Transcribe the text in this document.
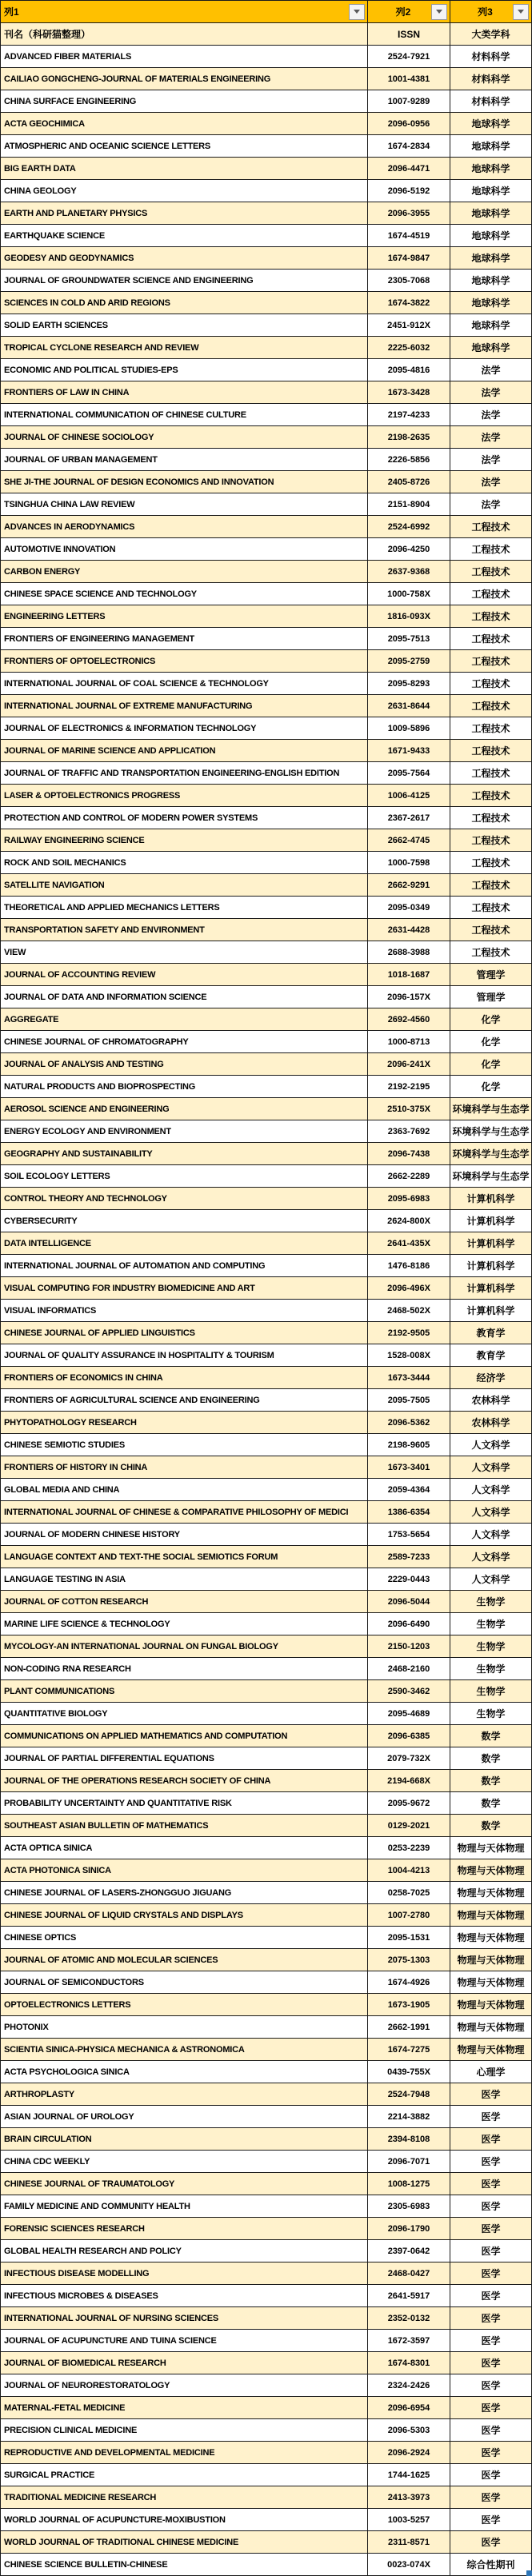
列1	列2	列3
刊名（科研猫整理）	ISSN	大类学科
ADVANCED FIBER MATERIALS	2524-7921	材料科学
CAILIAO GONGCHENG-JOURNAL OF MATERIALS ENGINEERING	1001-4381	材料科学
CHINA SURFACE ENGINEERING	1007-9289	材料科学
ACTA GEOCHIMICA	2096-0956	地球科学
ATMOSPHERIC AND OCEANIC SCIENCE LETTERS	1674-2834	地球科学
BIG EARTH DATA	2096-4471	地球科学
CHINA GEOLOGY	2096-5192	地球科学
EARTH AND PLANETARY PHYSICS	2096-3955	地球科学
EARTHQUAKE SCIENCE	1674-4519	地球科学
GEODESY AND GEODYNAMICS	1674-9847	地球科学
JOURNAL OF GROUNDWATER SCIENCE AND ENGINEERING	2305-7068	地球科学
SCIENCES IN COLD AND ARID REGIONS	1674-3822	地球科学
SOLID EARTH SCIENCES	2451-912X	地球科学
TROPICAL CYCLONE RESEARCH AND REVIEW	2225-6032	地球科学
ECONOMIC AND POLITICAL STUDIES-EPS	2095-4816	法学
FRONTIERS OF LAW IN CHINA	1673-3428	法学
INTERNATIONAL COMMUNICATION OF CHINESE CULTURE	2197-4233	法学
JOURNAL OF CHINESE SOCIOLOGY	2198-2635	法学
JOURNAL OF URBAN MANAGEMENT	2226-5856	法学
SHE JI-THE JOURNAL OF DESIGN ECONOMICS AND INNOVATION	2405-8726	法学
TSINGHUA CHINA LAW REVIEW	2151-8904	法学
ADVANCES IN AERODYNAMICS	2524-6992	工程技术
AUTOMOTIVE INNOVATION	2096-4250	工程技术
CARBON ENERGY	2637-9368	工程技术
CHINESE SPACE SCIENCE AND TECHNOLOGY	1000-758X	工程技术
ENGINEERING LETTERS	1816-093X	工程技术
FRONTIERS OF ENGINEERING MANAGEMENT	2095-7513	工程技术
FRONTIERS OF OPTOELECTRONICS	2095-2759	工程技术
INTERNATIONAL JOURNAL OF COAL SCIENCE & TECHNOLOGY	2095-8293	工程技术
INTERNATIONAL JOURNAL OF EXTREME MANUFACTURING	2631-8644	工程技术
JOURNAL OF ELECTRONICS & INFORMATION TECHNOLOGY	1009-5896	工程技术
JOURNAL OF MARINE SCIENCE AND APPLICATION	1671-9433	工程技术
JOURNAL OF TRAFFIC AND TRANSPORTATION ENGINEERING-ENGLISH EDITION	2095-7564	工程技术
LASER & OPTOELECTRONICS PROGRESS	1006-4125	工程技术
PROTECTION AND CONTROL OF MODERN POWER SYSTEMS	2367-2617	工程技术
RAILWAY ENGINEERING SCIENCE	2662-4745	工程技术
ROCK AND SOIL MECHANICS	1000-7598	工程技术
SATELLITE NAVIGATION	2662-9291	工程技术
THEORETICAL AND APPLIED MECHANICS LETTERS	2095-0349	工程技术
TRANSPORTATION SAFETY AND ENVIRONMENT	2631-4428	工程技术
VIEW	2688-3988	工程技术
JOURNAL OF ACCOUNTING REVIEW	1018-1687	管理学
JOURNAL OF DATA AND INFORMATION SCIENCE	2096-157X	管理学
AGGREGATE	2692-4560	化学
CHINESE JOURNAL OF CHROMATOGRAPHY	1000-8713	化学
JOURNAL OF ANALYSIS AND TESTING	2096-241X	化学
NATURAL PRODUCTS AND BIOPROSPECTING	2192-2195	化学
AEROSOL SCIENCE AND ENGINEERING	2510-375X 环境科学与生态学
ENERGY ECOLOGY AND ENVIRONMENT	2363-7692 环境科学与生态学
GEOGRAPHY AND SUSTAINABILITY	2096-7438 环境科学与生态学
SOIL ECOLOGY LETTERS	2662-2289 环境科学与生态学
CONTROL THEORY AND TECHNOLOGY	2095-6983	计算机科学
CYBERSECURITY	2624-800X	计算机科学
DATA INTELLIGENCE	2641-435X	计算机科学
INTERNATIONAL JOURNAL OF AUTOMATION AND COMPUTING	1476-8186	计算机科学
VISUAL COMPUTING FOR INDUSTRY BIOMEDICINE AND ART	2096-496X	计算机科学
VISUAL INFORMATICS	2468-502X	计算机科学
CHINESE JOURNAL OF APPLIED LINGUISTICS	2192-9505	教育学
JOURNAL OF QUALITY ASSURANCE IN HOSPITALITY & TOURISM	1528-008X	教育学
FRONTIERS OF ECONOMICS IN CHINA	1673-3444	经济学
FRONTIERS OF AGRICULTURAL SCIENCE AND ENGINEERING	2095-7505	农林科学
PHYTOPATHOLOGY RESEARCH	2096-5362	农林科学
CHINESE SEMIOTIC STUDIES	2198-9605	人文科学
FRONTIERS OF HISTORY IN CHINA	1673-3401	人文科学
GLOBAL MEDIA AND CHINA	2059-4364	人文科学
INTERNATIONAL JOURNAL OF CHINESE & COMPARATIVE PHILOSOPHY OF MEDICI	1386-6354	人文科学
JOURNAL OF MODERN CHINESE HISTORY	1753-5654	人文科学
LANGUAGE CONTEXT AND TEXT-THE SOCIAL SEMIOTICS FORUM	2589-7233	人文科学
LANGUAGE TESTING IN ASIA	2229-0443	人文科学
JOURNAL OF COTTON RESEARCH	2096-5044	生物学
MARINE LIFE SCIENCE & TECHNOLOGY	2096-6490	生物学
MYCOLOGY-AN INTERNATIONAL JOURNAL ON FUNGAL BIOLOGY	2150-1203	生物学
NON-CODING RNA RESEARCH	2468-2160	生物学
PLANT COMMUNICATIONS	2590-3462	生物学
QUANTITATIVE BIOLOGY	2095-4689	生物学
COMMUNICATIONS ON APPLIED MATHEMATICS AND COMPUTATION	2096-6385	数学
JOURNAL OF PARTIAL DIFFERENTIAL EQUATIONS	2079-732X	数学
JOURNAL OF THE OPERATIONS RESEARCH SOCIETY OF CHINA	2194-668X	数学
PROBABILITY UNCERTAINTY AND QUANTITATIVE RISK	2095-9672	数学
SOUTHEAST ASIAN BULLETIN OF MATHEMATICS	0129-2021	数学
ACTA OPTICA SINICA	0253-2239	物理与天体物理
ACTA PHOTONICA SINICA	1004-4213	物理与天体物理
CHINESE JOURNAL OF LASERS-ZHONGGUO JIGUANG	0258-7025	物理与天体物理
CHINESE JOURNAL OF LIQUID CRYSTALS AND DISPLAYS	1007-2780	物理与天体物理
CHINESE OPTICS	2095-1531	物理与天体物理
JOURNAL OF ATOMIC AND MOLECULAR SCIENCES	2075-1303	物理与天体物理
JOURNAL OF SEMICONDUCTORS	1674-4926	物理与天体物理
OPTOELECTRONICS LETTERS	1673-1905	物理与天体物理
PHOTONIX	2662-1991	物理与天体物理
SCIENTIA SINICA-PHYSICA MECHANICA & ASTRONOMICA	1674-7275	物理与天体物理
ACTA PSYCHOLOGICA SINICA	0439-755X	心理学
ARTHROPLASTY	2524-7948	医学
ASIAN JOURNAL OF UROLOGY	2214-3882	医学
BRAIN CIRCULATION	2394-8108	医学
CHINA CDC WEEKLY	2096-7071	医学
CHINESE JOURNAL OF TRAUMATOLOGY	1008-1275	医学
FAMILY MEDICINE AND COMMUNITY HEALTH	2305-6983	医学
FORENSIC SCIENCES RESEARCH	2096-1790	医学
GLOBAL HEALTH RESEARCH AND POLICY	2397-0642	医学
INFECTIOUS DISEASE MODELLING	2468-0427	医学
INFECTIOUS MICROBES & DISEASES	2641-5917	医学
INTERNATIONAL JOURNAL OF NURSING SCIENCES	2352-0132	医学
JOURNAL OF ACUPUNCTURE AND TUINA SCIENCE	1672-3597	医学
JOURNAL OF BIOMEDICAL RESEARCH	1674-8301	医学
JOURNAL OF NEURORESTORATOLOGY	2324-2426	医学
MATERNAL-FETAL MEDICINE	2096-6954	医学
PRECISION CLINICAL MEDICINE	2096-5303	医学
REPRODUCTIVE AND DEVELOPMENTAL MEDICINE	2096-2924	医学
SURGICAL PRACTICE	1744-1625	医学
TRADITIONAL MEDICINE RESEARCH	2413-3973	医学
WORLD JOURNAL OF ACUPUNCTURE-MOXIBUSTION	1003-5257	医学
WORLD JOURNAL OF TRADITIONAL CHINESE MEDICINE	2311-8571	医学
CHINESE SCIENCE BULLETIN-CHINESE	0023-074X	综合性期刊
